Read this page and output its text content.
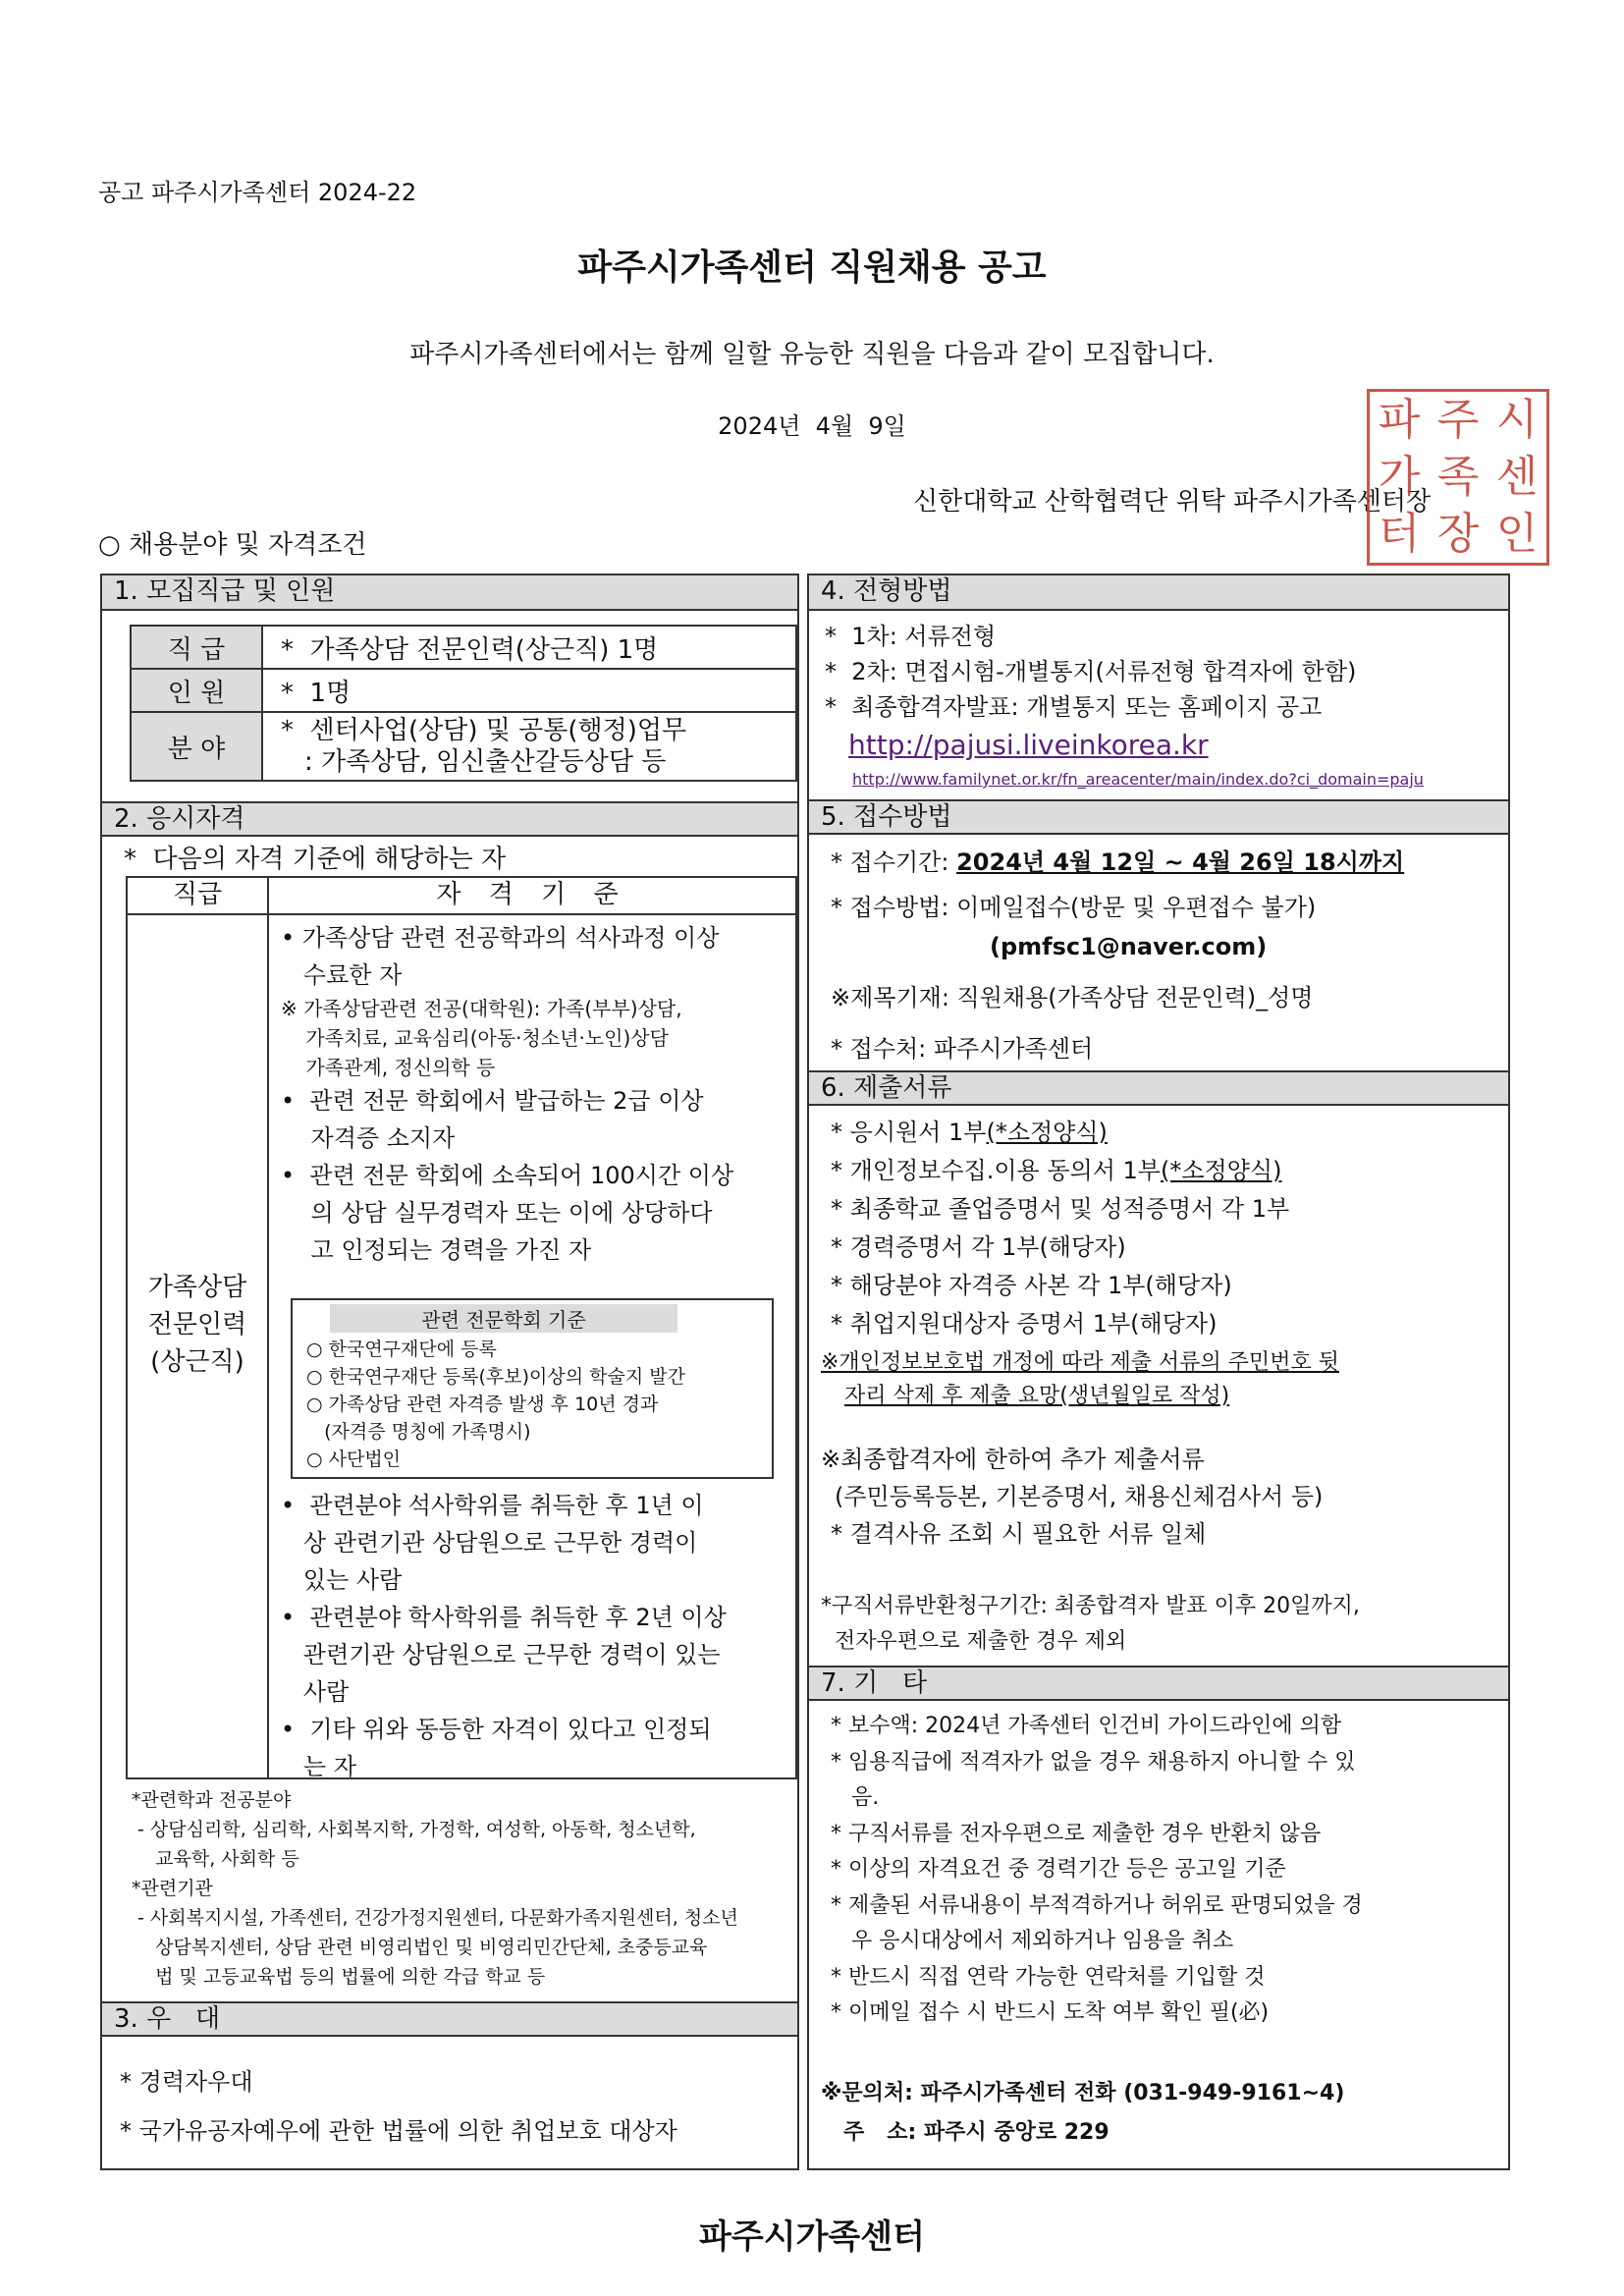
공고 파주시가족센터 2024-22
파주시가족센터 직원채용 공고
파주시가족센터에서는 함께 일할 유능한 직원을 다음과 같이 모집합니다.
2024년  4월  9일
신한대학교 산학협력단 위탁 파주시가족센터장
파 주 시
가 족 센
터 장 인
○ 채용분야 및 자격조건
1. 모집직급 및 인원
직 급	*  가족상담 전문인력(상근직) 1명
인 원	*  1명
분 야	*  센터사업(상담) 및 공통(행정)업무
: 가족상담, 임신출산갈등상담 등
2. 응시자격
*  다음의 자격 기준에 해당하는 자
직급	자 격 기 준
가족상담
전문인력
(상근직)
• 가족상담 관련 전공학과의 석사과정 이상
수료한 자
※ 가족상담관련 전공(대학원): 가족(부부)상담,
가족치료, 교육심리(아동·청소년·노인)상담
가족관계, 정신의학 등
•  관련 전문 학회에서 발급하는 2급 이상
자격증 소지자
•  관련 전문 학회에 소속되어 100시간 이상
의 상담 실무경력자 또는 이에 상당하다
고 인정되는 경력을 가진 자
관련 전문학회 기준
○ 한국연구재단에 등록
○ 한국연구재단 등록(후보)이상의 학술지 발간
○ 가족상담 관련 자격증 발생 후 10년 경과
(자격증 명칭에 가족명시)
○ 사단법인
•  관련분야 석사학위를 취득한 후 1년 이
상 관련기관 상담원으로 근무한 경력이
있는 사람
•  관련분야 학사학위를 취득한 후 2년 이상
관련기관 상담원으로 근무한 경력이 있는
사람
•  기타 위와 동등한 자격이 있다고 인정되
는 자
*관련학과 전공분야
- 상담심리학, 심리학, 사회복지학, 가정학, 여성학, 아동학, 청소년학,
교육학, 사회학 등
*관련기관
- 사회복지시설, 가족센터, 건강가정지원센터, 다문화가족지원센터, 청소년
상담복지센터, 상담 관련 비영리법인 및 비영리민간단체, 초중등교육
법 및 고등교육법 등의 법률에 의한 각급 학교 등
3. 우   대
* 경력자우대
* 국가유공자예우에 관한 법률에 의한 취업보호 대상자
4. 전형방법
*  1차: 서류전형
*  2차: 면접시험-개별통지(서류전형 합격자에 한함)
*  최종합격자발표: 개별통지 또는 홈페이지 공고
http://pajusi.liveinkorea.kr
http://www.familynet.or.kr/fn_areacenter/main/index.do?ci_domain=paju
5. 접수방법
* 접수기간: 2024년 4월 12일 ~ 4월 26일 18시까지
* 접수방법: 이메일접수(방문 및 우편접수 불가)
(pmfsc1@naver.com)
※제목기재: 직원채용(가족상담 전문인력)_성명
* 접수처: 파주시가족센터
6. 제출서류
* 응시원서 1부(*소정양식)
* 개인정보수집.이용 동의서 1부(*소정양식)
* 최종학교 졸업증명서 및 성적증명서 각 1부
* 경력증명서 각 1부(해당자)
* 해당분야 자격증 사본 각 1부(해당자)
* 취업지원대상자 증명서 1부(해당자)
※개인정보보호법 개정에 따라 제출 서류의 주민번호 뒷
자리 삭제 후 제출 요망(생년월일로 작성)
※최종합격자에 한하여 추가 제출서류
(주민등록등본, 기본증명서, 채용신체검사서 등)
* 결격사유 조회 시 필요한 서류 일체
*구직서류반환청구기간: 최종합격자 발표 이후 20일까지,
전자우편으로 제출한 경우 제외
7. 기   타
* 보수액: 2024년 가족센터 인건비 가이드라인에 의함
* 임용직급에 적격자가 없을 경우 채용하지 아니할 수 있
음.
* 구직서류를 전자우편으로 제출한 경우 반환치 않음
* 이상의 자격요건 중 경력기간 등은 공고일 기준
* 제출된 서류내용이 부적격하거나 허위로 판명되었을 경
우 응시대상에서 제외하거나 임용을 취소
* 반드시 직접 연락 가능한 연락처를 기입할 것
* 이메일 접수 시 반드시 도착 여부 확인 필(必)
※문의처: 파주시가족센터 전화 (031-949-9161~4)
주   소: 파주시 중앙로 229
파주시가족센터
